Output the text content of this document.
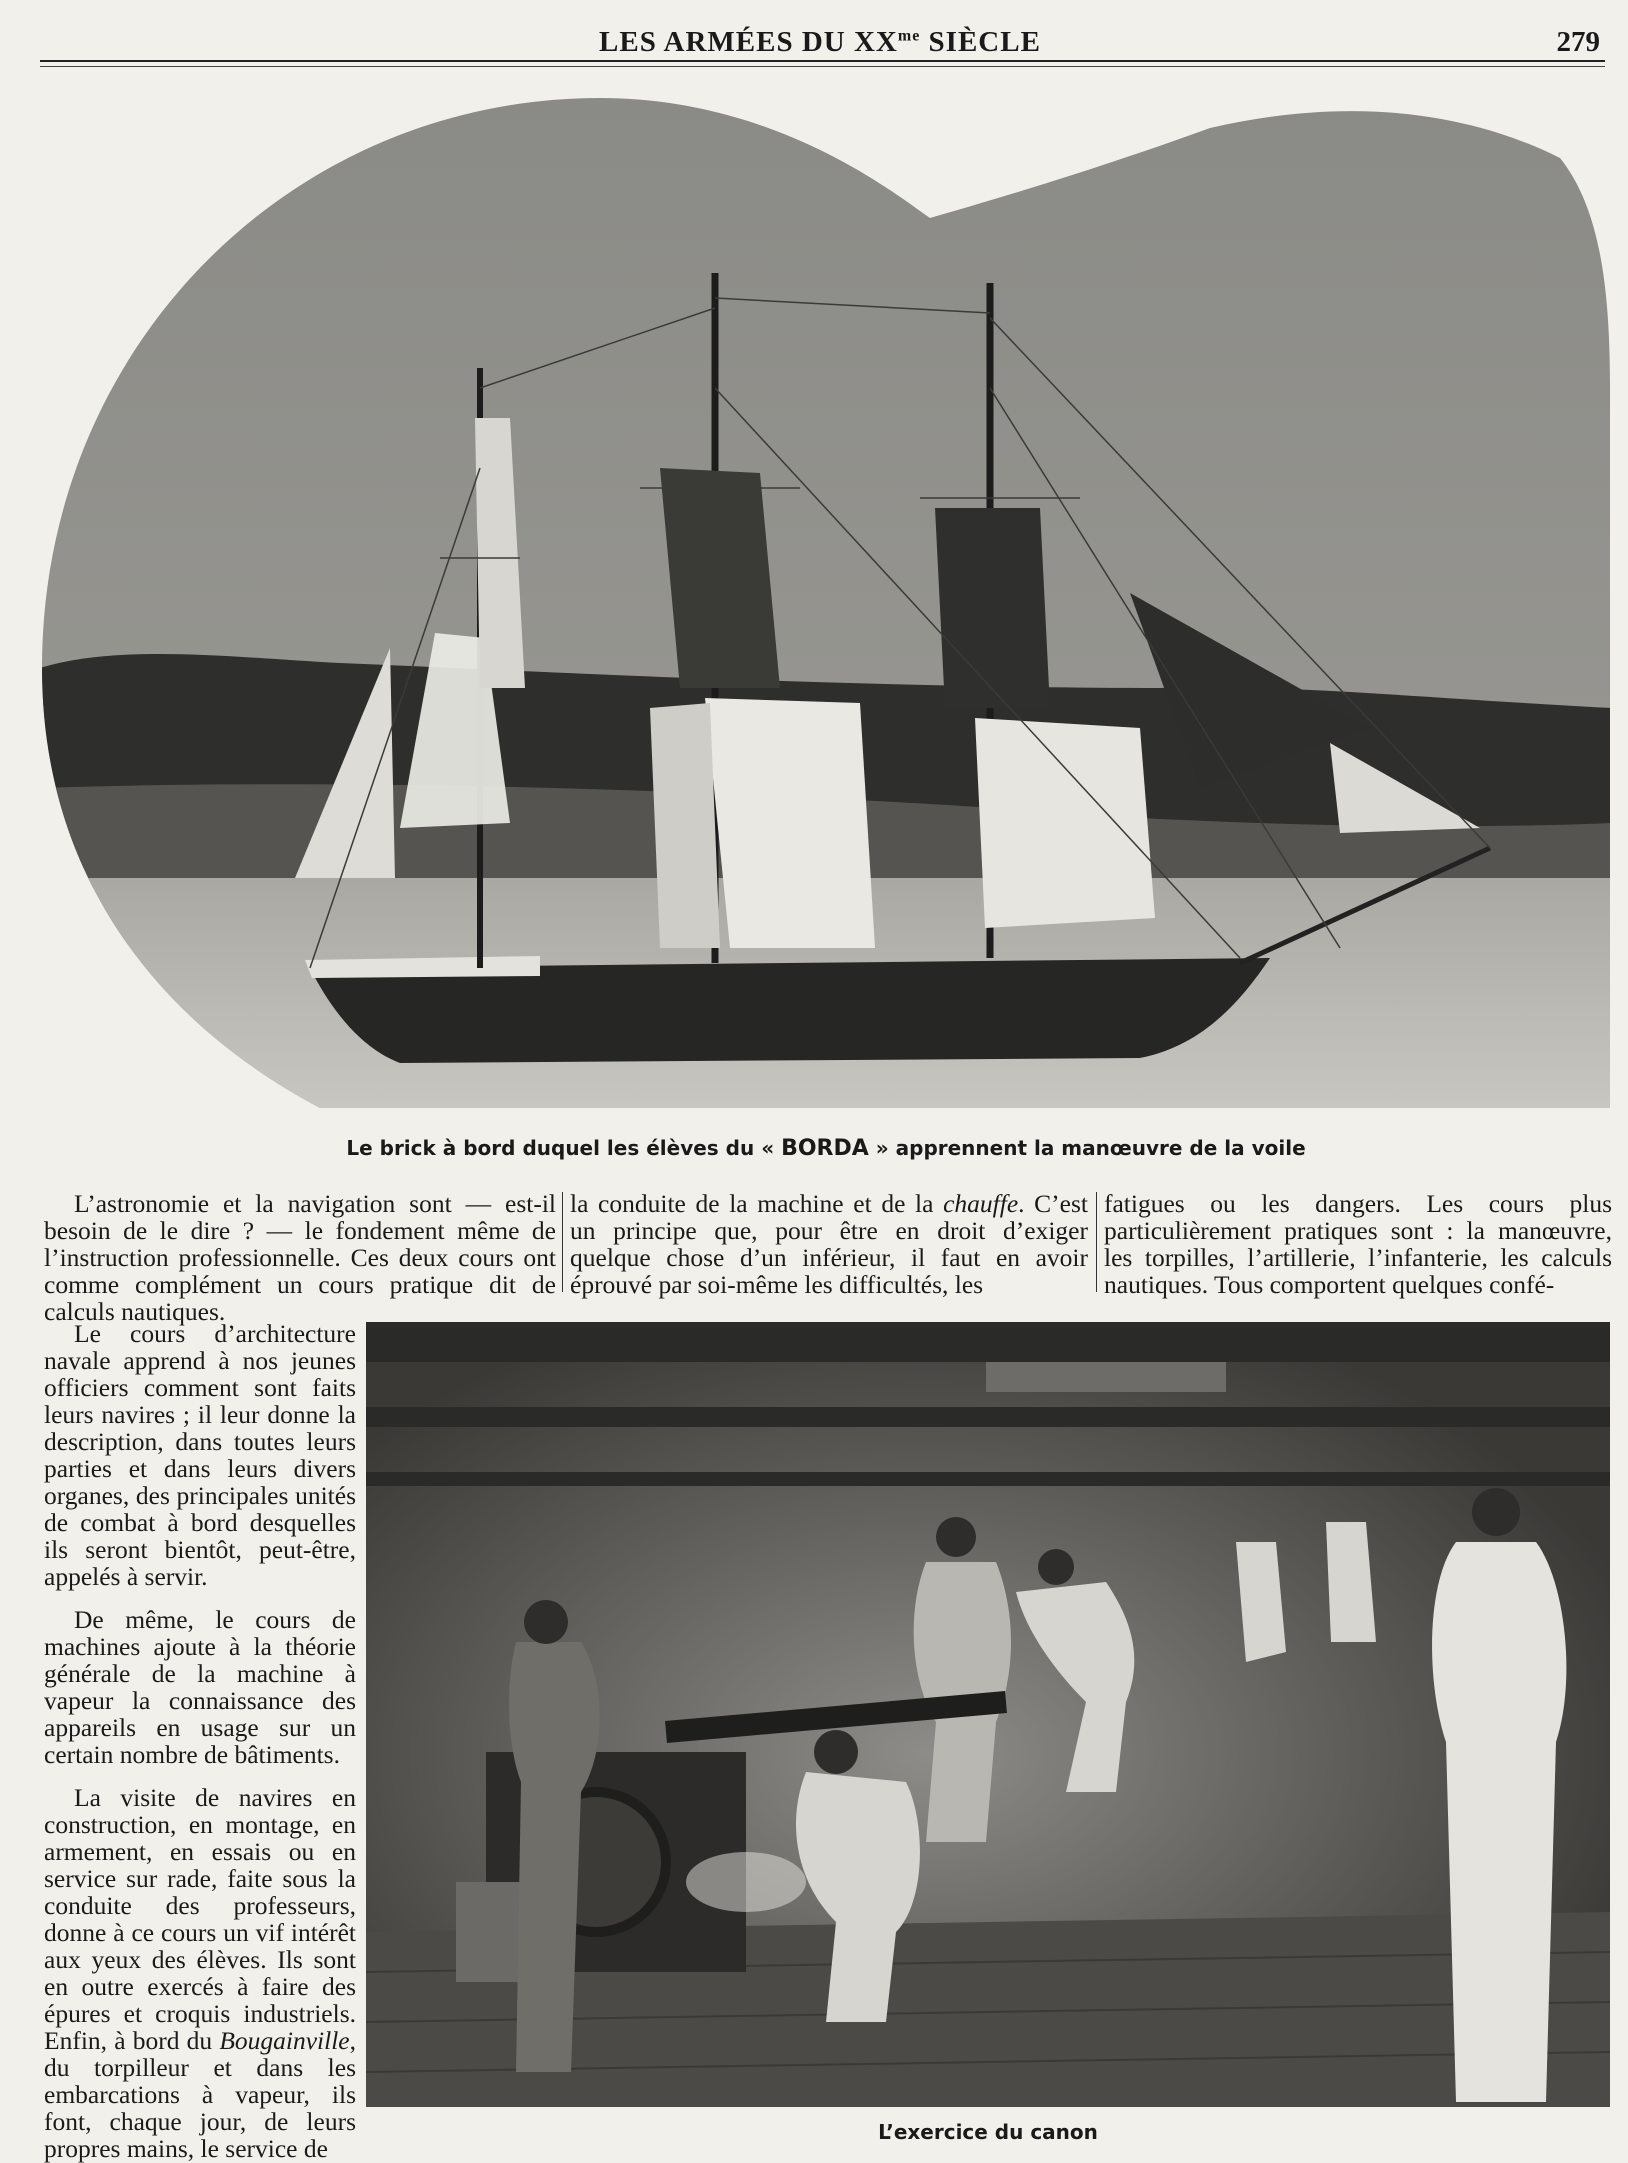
LES ARMÉES DU $XX^{me}$ SIÈCLE	279
Le brick à bord duquel les élèves du « BORDA » apprennent la manœuvre de la voile

L’astronomie et la navigation sont — est-il besoin de le dire ? — le fondement même de l’instruction professionnelle. Ces deux cours ont comme complément un cours pratique dit de calculs nautiques.

la conduite de la machine et de la chauffe. C’est un principe que, pour être en droit d’exiger quelque chose d’un inférieur, il faut en avoir éprouvé par soi-même les difficultés, les

fatigues ou les dangers. Les cours plus particulièrement pratiques sont : la manœuvre, les torpilles, l’artillerie, l’infanterie, les calculs nautiques. Tous comportent quelques confé-

Le cours d’architecture navale apprend à nos jeunes officiers comment sont faits leurs navires ; il leur donne la description, dans toutes leurs parties et dans leurs divers organes, des principales unités de combat à bord desquelles ils seront bientôt, peut-être, appelés à servir.

De même, le cours de machines ajoute à la théorie générale de la machine à vapeur la connaissance des appareils en usage sur un certain nombre de bâtiments.

La visite de navires en construction, en montage, en armement, en essais ou en service sur rade, faite sous la conduite des professeurs, donne à ce cours un vif intérêt aux yeux des élèves. Ils sont en outre exercés à faire des épures et croquis industriels. Enfin, à bord du Bougainville, du torpilleur et dans les embarcations à vapeur, ils font, chaque jour, de leurs propres mains, le service de

L’exercice du canon
